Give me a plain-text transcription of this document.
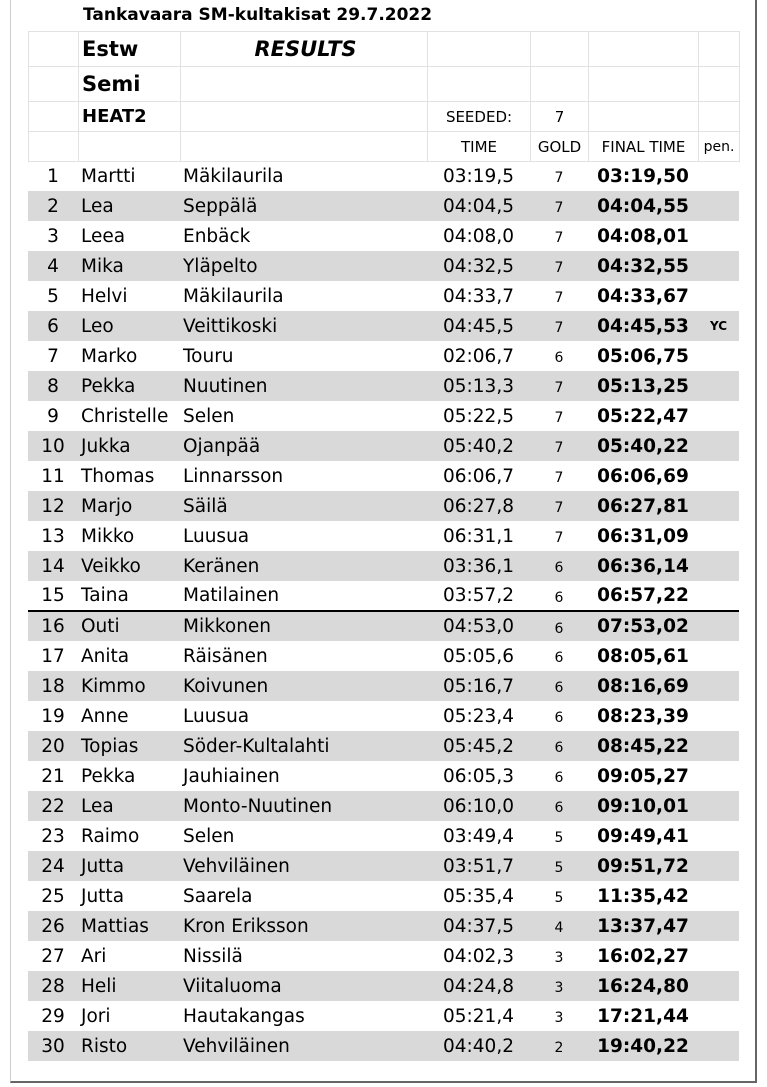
Tankavaara SM-kultakisat 29.7.2022
	Estw	RESULTS				
	Semi					
	HEAT2		SEEDED:	7		
			TIME	GOLD	FINAL TIME	pen.
1	Martti	Mäkilaurila	03:19,5	7	03:19,50	
2	Lea	Seppälä	04:04,5	7	04:04,55	
3	Leea	Enbäck	04:08,0	7	04:08,01	
4	Mika	Yläpelto	04:32,5	7	04:32,55	
5	Helvi	Mäkilaurila	04:33,7	7	04:33,67	
6	Leo	Veittikoski	04:45,5	7	04:45,53	YC
7	Marko	Touru	02:06,7	6	05:06,75	
8	Pekka	Nuutinen	05:13,3	7	05:13,25	
9	Christelle	Selen	05:22,5	7	05:22,47	
10	Jukka	Ojanpää	05:40,2	7	05:40,22	
11	Thomas	Linnarsson	06:06,7	7	06:06,69	
12	Marjo	Säilä	06:27,8	7	06:27,81	
13	Mikko	Luusua	06:31,1	7	06:31,09	
14	Veikko	Keränen	03:36,1	6	06:36,14	
15	Taina	Matilainen	03:57,2	6	06:57,22	
16	Outi	Mikkonen	04:53,0	6	07:53,02	
17	Anita	Räisänen	05:05,6	6	08:05,61	
18	Kimmo	Koivunen	05:16,7	6	08:16,69	
19	Anne	Luusua	05:23,4	6	08:23,39	
20	Topias	Söder-Kultalahti	05:45,2	6	08:45,22	
21	Pekka	Jauhiainen	06:05,3	6	09:05,27	
22	Lea	Monto-Nuutinen	06:10,0	6	09:10,01	
23	Raimo	Selen	03:49,4	5	09:49,41	
24	Jutta	Vehviläinen	03:51,7	5	09:51,72	
25	Jutta	Saarela	05:35,4	5	11:35,42	
26	Mattias	Kron Eriksson	04:37,5	4	13:37,47	
27	Ari	Nissilä	04:02,3	3	16:02,27	
28	Heli	Viitaluoma	04:24,8	3	16:24,80	
29	Jori	Hautakangas	05:21,4	3	17:21,44	
30	Risto	Vehviläinen	04:40,2	2	19:40,22	
